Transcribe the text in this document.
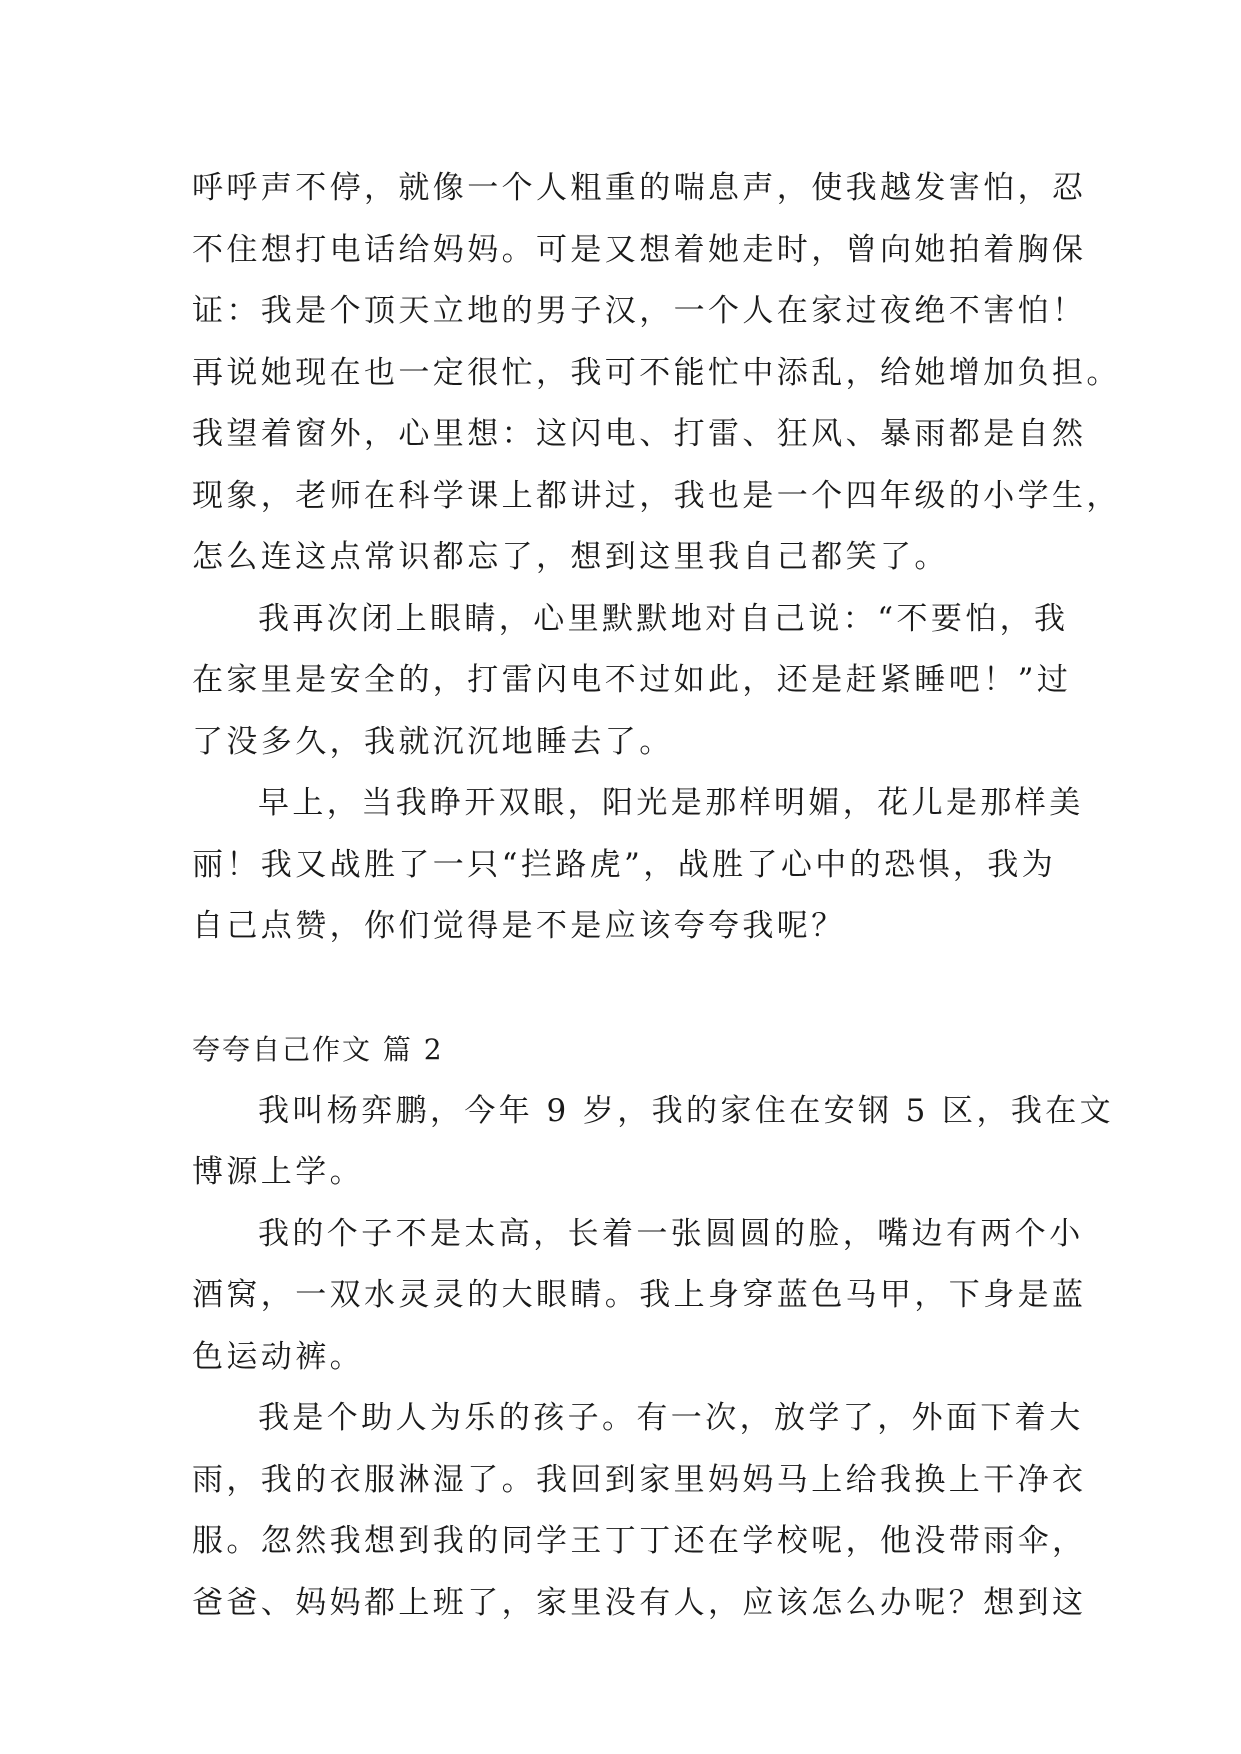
呼呼声不停，就像一个人粗重的喘息声，使我越发害怕，忍
不住想打电话给妈妈。可是又想着她走时，曾向她拍着胸保
证：我是个顶天立地的男子汉，一个人在家过夜绝不害怕！
再说她现在也一定很忙，我可不能忙中添乱，给她增加负担。
我望着窗外，心里想：这闪电、打雷、狂风、暴雨都是自然
现象，老师在科学课上都讲过，我也是一个四年级的小学生，
怎么连这点常识都忘了，想到这里我自己都笑了。
我再次闭上眼睛，心里默默地对自己说：“不要怕，我
在家里是安全的，打雷闪电不过如此，还是赶紧睡吧！”过
了没多久，我就沉沉地睡去了。
早上，当我睁开双眼，阳光是那样明媚，花儿是那样美
丽！我又战胜了一只“拦路虎”，战胜了心中的恐惧，我为
自己点赞，你们觉得是不是应该夸夸我呢？
夸夸自己作文 篇 2
我叫杨弈鹏，今年 9 岁，我的家住在安钢 5 区，我在文
博源上学。
我的个子不是太高，长着一张圆圆的脸，嘴边有两个小
酒窝，一双水灵灵的大眼睛。我上身穿蓝色马甲，下身是蓝
色运动裤。
我是个助人为乐的孩子。有一次，放学了，外面下着大
雨，我的衣服淋湿了。我回到家里妈妈马上给我换上干净衣
服。忽然我想到我的同学王丁丁还在学校呢，他没带雨伞，
爸爸、妈妈都上班了，家里没有人，应该怎么办呢？想到这
